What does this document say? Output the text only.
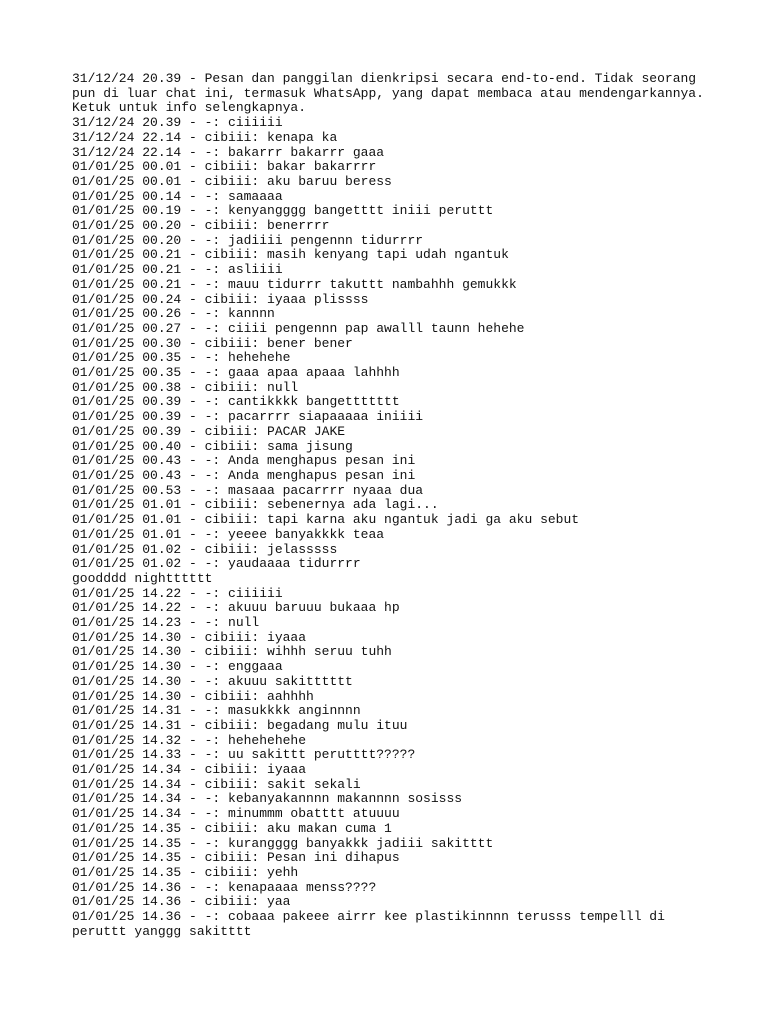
31/12/24 20.39 - Pesan dan panggilan dienkripsi secara end-to-end. Tidak seorang
pun di luar chat ini, termasuk WhatsApp, yang dapat membaca atau mendengarkannya.
Ketuk untuk info selengkapnya.
31/12/24 20.39 - -: ciiiiii
31/12/24 22.14 - cibiii: kenapa ka
31/12/24 22.14 - -: bakarrr bakarrr gaaa
01/01/25 00.01 - cibiii: bakar bakarrrr
01/01/25 00.01 - cibiii: aku baruu beress
01/01/25 00.14 - -: samaaaa
01/01/25 00.19 - -: kenyangggg bangetttt iniii peruttt
01/01/25 00.20 - cibiii: benerrrr
01/01/25 00.20 - -: jadiiii pengennn tidurrrr
01/01/25 00.21 - cibiii: masih kenyang tapi udah ngantuk
01/01/25 00.21 - -: asliiii
01/01/25 00.21 - -: mauu tidurrr takuttt nambahhh gemukkk
01/01/25 00.24 - cibiii: iyaaa plissss
01/01/25 00.26 - -: kannnn
01/01/25 00.27 - -: ciiii pengennn pap awalll taunn hehehe
01/01/25 00.30 - cibiii: bener bener
01/01/25 00.35 - -: hehehehe
01/01/25 00.35 - -: gaaa apaa apaaa lahhhh
01/01/25 00.38 - cibiii: null
01/01/25 00.39 - -: cantikkkk bangettttttt
01/01/25 00.39 - -: pacarrrr siapaaaaa iniiii
01/01/25 00.39 - cibiii: PACAR JAKE
01/01/25 00.40 - cibiii: sama jisung
01/01/25 00.43 - -: Anda menghapus pesan ini
01/01/25 00.43 - -: Anda menghapus pesan ini
01/01/25 00.53 - -: masaaa pacarrrr nyaaa dua
01/01/25 01.01 - cibiii: sebenernya ada lagi...
01/01/25 01.01 - cibiii: tapi karna aku ngantuk jadi ga aku sebut
01/01/25 01.01 - -: yeeee banyakkkk teaa
01/01/25 01.02 - cibiii: jelasssss
01/01/25 01.02 - -: yaudaaaa tidurrrr
goodddd nightttttt
01/01/25 14.22 - -: ciiiiii
01/01/25 14.22 - -: akuuu baruuu bukaaa hp
01/01/25 14.23 - -: null
01/01/25 14.30 - cibiii: iyaaa
01/01/25 14.30 - cibiii: wihhh seruu tuhh
01/01/25 14.30 - -: enggaaa
01/01/25 14.30 - -: akuuu sakitttttt
01/01/25 14.30 - cibiii: aahhhh
01/01/25 14.31 - -: masukkkk anginnnn
01/01/25 14.31 - cibiii: begadang mulu ituu
01/01/25 14.32 - -: hehehehehe
01/01/25 14.33 - -: uu sakittt perutttt?????
01/01/25 14.34 - cibiii: iyaaa
01/01/25 14.34 - cibiii: sakit sekali
01/01/25 14.34 - -: kebanyakannnn makannnn sosisss
01/01/25 14.34 - -: minummm obatttt atuuuu
01/01/25 14.35 - cibiii: aku makan cuma 1
01/01/25 14.35 - -: kurangggg banyakkk jadiii sakitttt
01/01/25 14.35 - cibiii: Pesan ini dihapus
01/01/25 14.35 - cibiii: yehh
01/01/25 14.36 - -: kenapaaaa menss????
01/01/25 14.36 - cibiii: yaa
01/01/25 14.36 - -: cobaaa pakeee airrr kee plastikinnnn terusss tempelll di
peruttt yanggg sakitttt
